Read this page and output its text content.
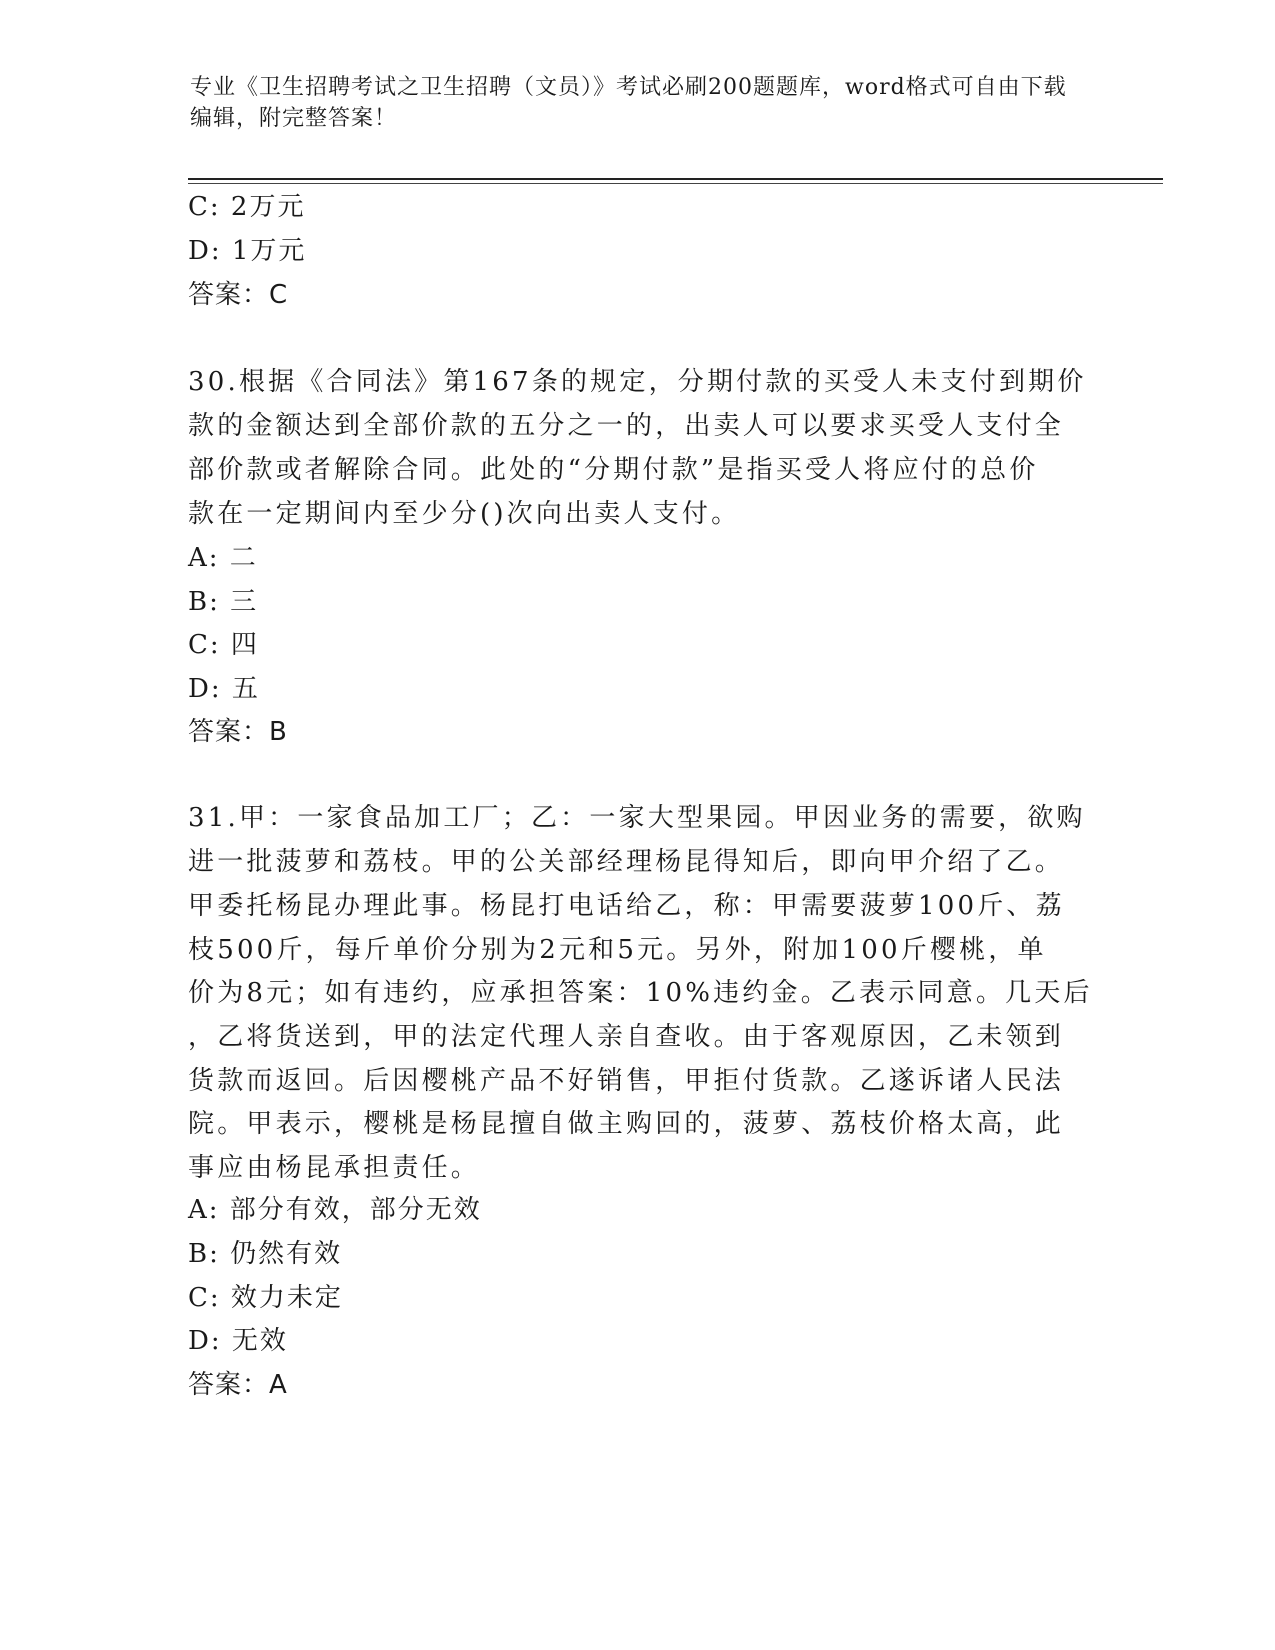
专业《卫生招聘考试之卫生招聘（文员）》考试必刷200题题库，word格式可自由下载编辑，附完整答案！
C: 2万元
D: 1万元
答案：C
30.根据《合同法》第167条的规定，分期付款的买受人未支付到期价
款的金额达到全部价款的五分之一的，出卖人可以要求买受人支付全
部价款或者解除合同。此处的“分期付款”是指买受人将应付的总价
款在一定期间内至少分()次向出卖人支付。
A: 二
B: 三
C: 四
D: 五
答案：B
31.甲：一家食品加工厂；乙：一家大型果园。甲因业务的需要，欲购
进一批菠萝和荔枝。甲的公关部经理杨昆得知后，即向甲介绍了乙。
甲委托杨昆办理此事。杨昆打电话给乙，称：甲需要菠萝100斤、荔
枝500斤，每斤单价分别为2元和5元。另外，附加100斤樱桃，单
价为8元；如有违约，应承担答案：10%违约金。乙表示同意。几天后
，乙将货送到，甲的法定代理人亲自查收。由于客观原因，乙未领到
货款而返回。后因樱桃产品不好销售，甲拒付货款。乙遂诉诸人民法
院。甲表示，樱桃是杨昆擅自做主购回的，菠萝、荔枝价格太高，此
事应由杨昆承担责任。
A: 部分有效，部分无效
B: 仍然有效
C: 效力未定
D: 无效
答案：A
